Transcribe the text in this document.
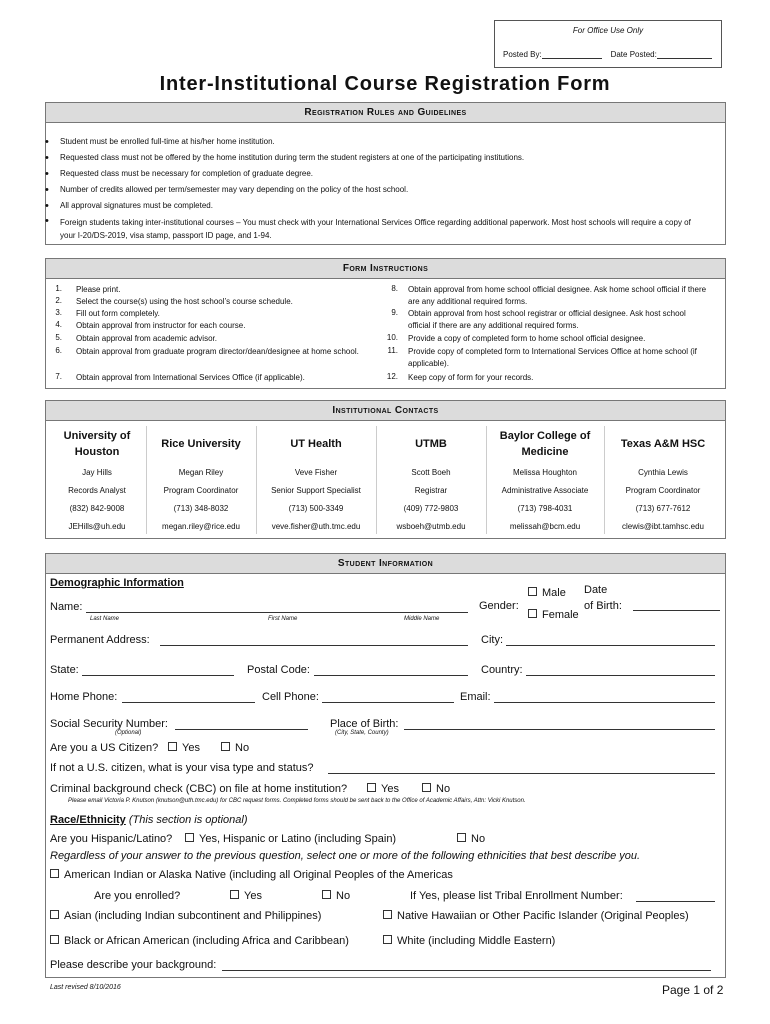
For Office Use Only
Posted By:	Date Posted:
Inter-Institutional Course Registration Form
Registration Rules and Guidelines
• Student must be enrolled full-time at his/her home institution.
• Requested class must not be offered by the home institution during term the student registers at one of the participating institutions.
• Requested class must be necessary for completion of graduate degree.
• Number of credits allowed per term/semester may vary depending on the policy of the host school.
• All approval signatures must be completed.
• Foreign students taking inter-institutional courses – You must check with your International Services Office regarding additional paperwork. Most host schools will require a copy of your I-20/DS-2019, visa stamp, passport ID page, and 1-94.
Form Instructions
1. Please print.
2. Select the course(s) using the host school’s course schedule.
3. Fill out form completely.
4. Obtain approval from instructor for each course.
5. Obtain approval from academic advisor.
6. Obtain approval from graduate program director/dean/designee at home school.
7. Obtain approval from International Services Office (if applicable).
8. Obtain approval from home school official designee. Ask home school official if there are any additional required forms.
9. Obtain approval from host school registrar or official designee. Ask host school official if there are any additional required forms.
10. Provide a copy of completed form to home school official designee.
11. Provide copy of completed form to International Services Office at home school (if applicable).
12. Keep copy of form for your records.
Institutional Contacts
University of Houston
Jay Hills
Records Analyst
(832) 842-9008
JEHills@uh.edu
Rice University
Megan Riley
Program Coordinator
(713) 348-8032
megan.riley@rice.edu
UT Health
Veve Fisher
Senior Support Specialist
(713) 500-3349
veve.fisher@uth.tmc.edu
UTMB
Scott Boeh
Registrar
(409) 772-9803
wsboeh@utmb.edu
Baylor College of Medicine
Melissa Houghton
Administrative Associate
(713) 798-4031
melissah@bcm.edu
Texas A&M HSC
Cynthia Lewis
Program Coordinator
(713) 677-7612
clewis@ibt.tamhsc.edu
Student Information
Demographic Information
Name:
Last Name	First Name	Middle Name
Gender:
Male
Female
Date
of Birth:
Permanent Address:	City:
State:	Postal Code:	Country:
Home Phone:	Cell Phone:	Email:
Social Security Number:
(Optional)
Place of Birth:
(City, State, County)
Are you a US Citizen?	Yes	No
If not a U.S. citizen, what is your visa type and status?
Criminal background check (CBC) on file at home institution?	Yes	No
Please email Victoria P. Knutson (knutson@uth.tmc.edu) for CBC request forms. Completed forms should be sent back to the Office of Academic Affairs, Attn: Vicki Knutson.
Race/Ethnicity (This section is optional)
Are you Hispanic/Latino?	Yes, Hispanic or Latino (including Spain)	No
Regardless of your answer to the previous question, select one or more of the following ethnicities that best describe you.
American Indian or Alaska Native (including all Original Peoples of the Americas
Are you enrolled?	Yes	No	If Yes, please list Tribal Enrollment Number:
Asian (including Indian subcontinent and Philippines)	Native Hawaiian or Other Pacific Islander (Original Peoples)
Black or African American (including Africa and Caribbean)	White (including Middle Eastern)
Please describe your background:
Last revised 8/10/2016	Page 1 of 2
